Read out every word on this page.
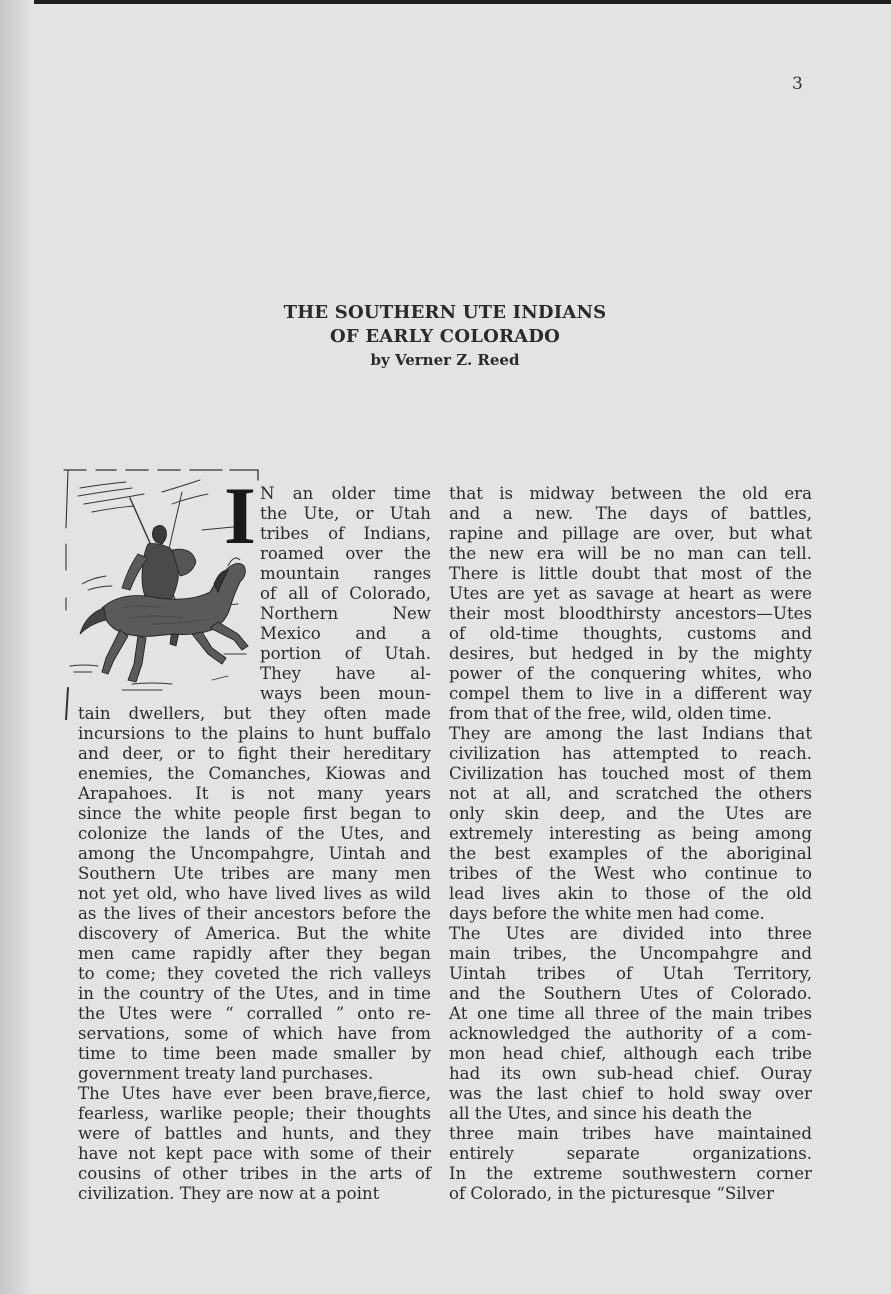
3
THE SOUTHERN UTE INDIANS
OF EARLY COLORADO
by Verner Z. Reed
I N an older time
the Ute, or Utah
tribes of Indians,
roamed over the
mountain ranges
of all of Colorado,
Northern New
Mexico and a
portion of Utah.
They have al-
ways been moun-
tain dwellers, but they often made
incursions to the plains to hunt buffalo
and deer, or to fight their hereditary
enemies, the Comanches, Kiowas and
Arapahoes. It is not many years
since the white people first began to
colonize the lands of the Utes, and
among the Uncompahgre, Uintah and
Southern Ute tribes are many men
not yet old, who have lived lives as wild
as the lives of their ancestors before the
discovery of America. But the white
men came rapidly after they began
to come; they coveted the rich valleys
in the country of the Utes, and in time
the Utes were “ corralled ” onto re-
servations, some of which have from
time to time been made smaller by
government treaty land purchases.
The Utes have ever been brave,fierce,
fearless, warlike people; their thoughts
were of battles and hunts, and they
have not kept pace with some of their
cousins of other tribes in the arts of
civilization. They are now at a point
that is midway between the old era
and a new. The days of battles,
rapine and pillage are over, but what
the new era will be no man can tell.
There is little doubt that most of the
Utes are yet as savage at heart as were
their most bloodthirsty ancestors—Utes
of old-time thoughts, customs and
desires, but hedged in by the mighty
power of the conquering whites, who
compel them to live in a different way
from that of the free, wild, olden time.
They are among the last Indians that
civilization has attempted to reach.
Civilization has touched most of them
not at all, and scratched the others
only skin deep, and the Utes are
extremely interesting as being among
the best examples of the aboriginal
tribes of the West who continue to
lead lives akin to those of the old
days before the white men had come.
The Utes are divided into three
main tribes, the Uncompahgre and
Uintah tribes of Utah Territory,
and the Southern Utes of Colorado.
At one time all three of the main tribes
acknowledged the authority of a com-
mon head chief, although each tribe
had its own sub-head chief. Ouray
was the last chief to hold sway over
all the Utes, and since his death the
three main tribes have maintained
entirely separate organizations.
In the extreme southwestern corner
of Colorado, in the picturesque “Silver
